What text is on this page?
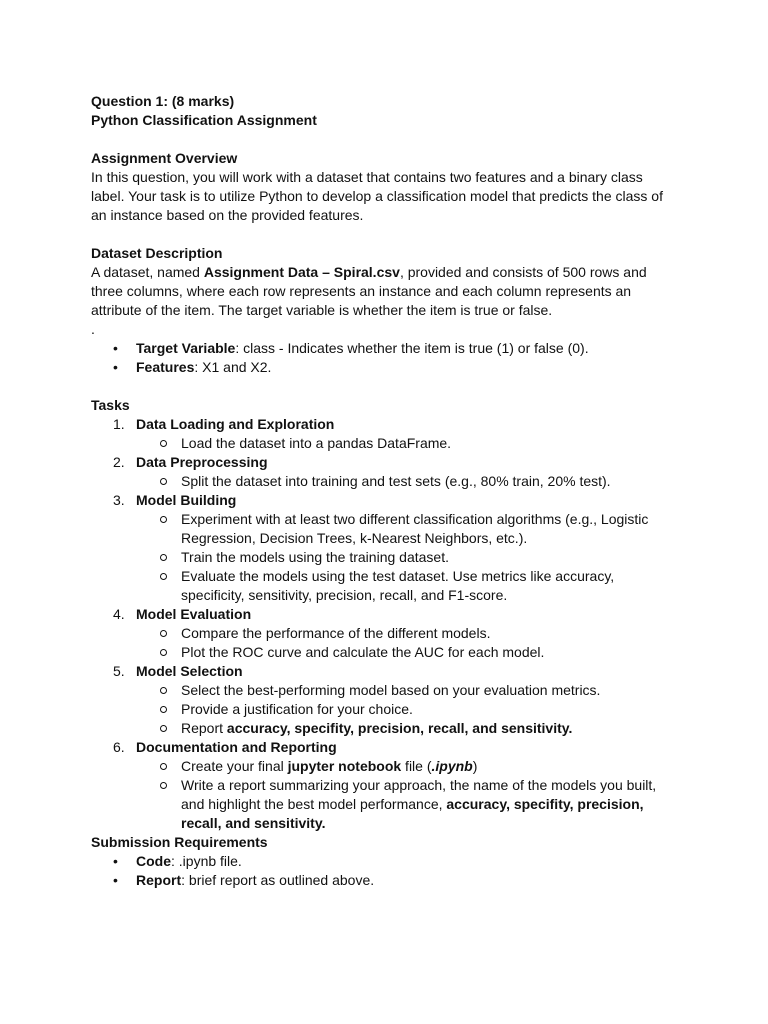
Question 1: (8 marks)

Python Classification Assignment

Assignment Overview

In this question, you will work with a dataset that contains two features and a binary class label. Your task is to utilize Python to develop a classification model that predicts the class of an instance based on the provided features.

Dataset Description

A dataset, named Assignment Data – Spiral.csv, provided and consists of 500 rows and three columns, where each row represents an instance and each column represents an attribute of the item. The target variable is whether the item is true or false.

.

• Target Variable: class - Indicates whether the item is true (1) or false (0).
• Features: X1 and X2.

Tasks

1. Data Loading and Exploration
Load the dataset into a pandas DataFrame.
2. Data Preprocessing
Split the dataset into training and test sets (e.g., 80% train, 20% test).
3. Model Building
Experiment with at least two different classification algorithms (e.g., Logistic Regression, Decision Trees, k-Nearest Neighbors, etc.).
Train the models using the training dataset.
Evaluate the models using the test dataset. Use metrics like accuracy, specificity, sensitivity, precision, recall, and F1-score.
4. Model Evaluation
Compare the performance of the different models.
Plot the ROC curve and calculate the AUC for each model.
5. Model Selection
Select the best-performing model based on your evaluation metrics.
Provide a justification for your choice.
Report accuracy, specifity, precision, recall, and sensitivity.
6. Documentation and Reporting
Create your final jupyter notebook file (.ipynb)
Write a report summarizing your approach, the name of the models you built, and highlight the best model performance, accuracy, specifity, precision, recall, and sensitivity.

Submission Requirements

• Code: .ipynb file.
• Report: brief report as outlined above.
